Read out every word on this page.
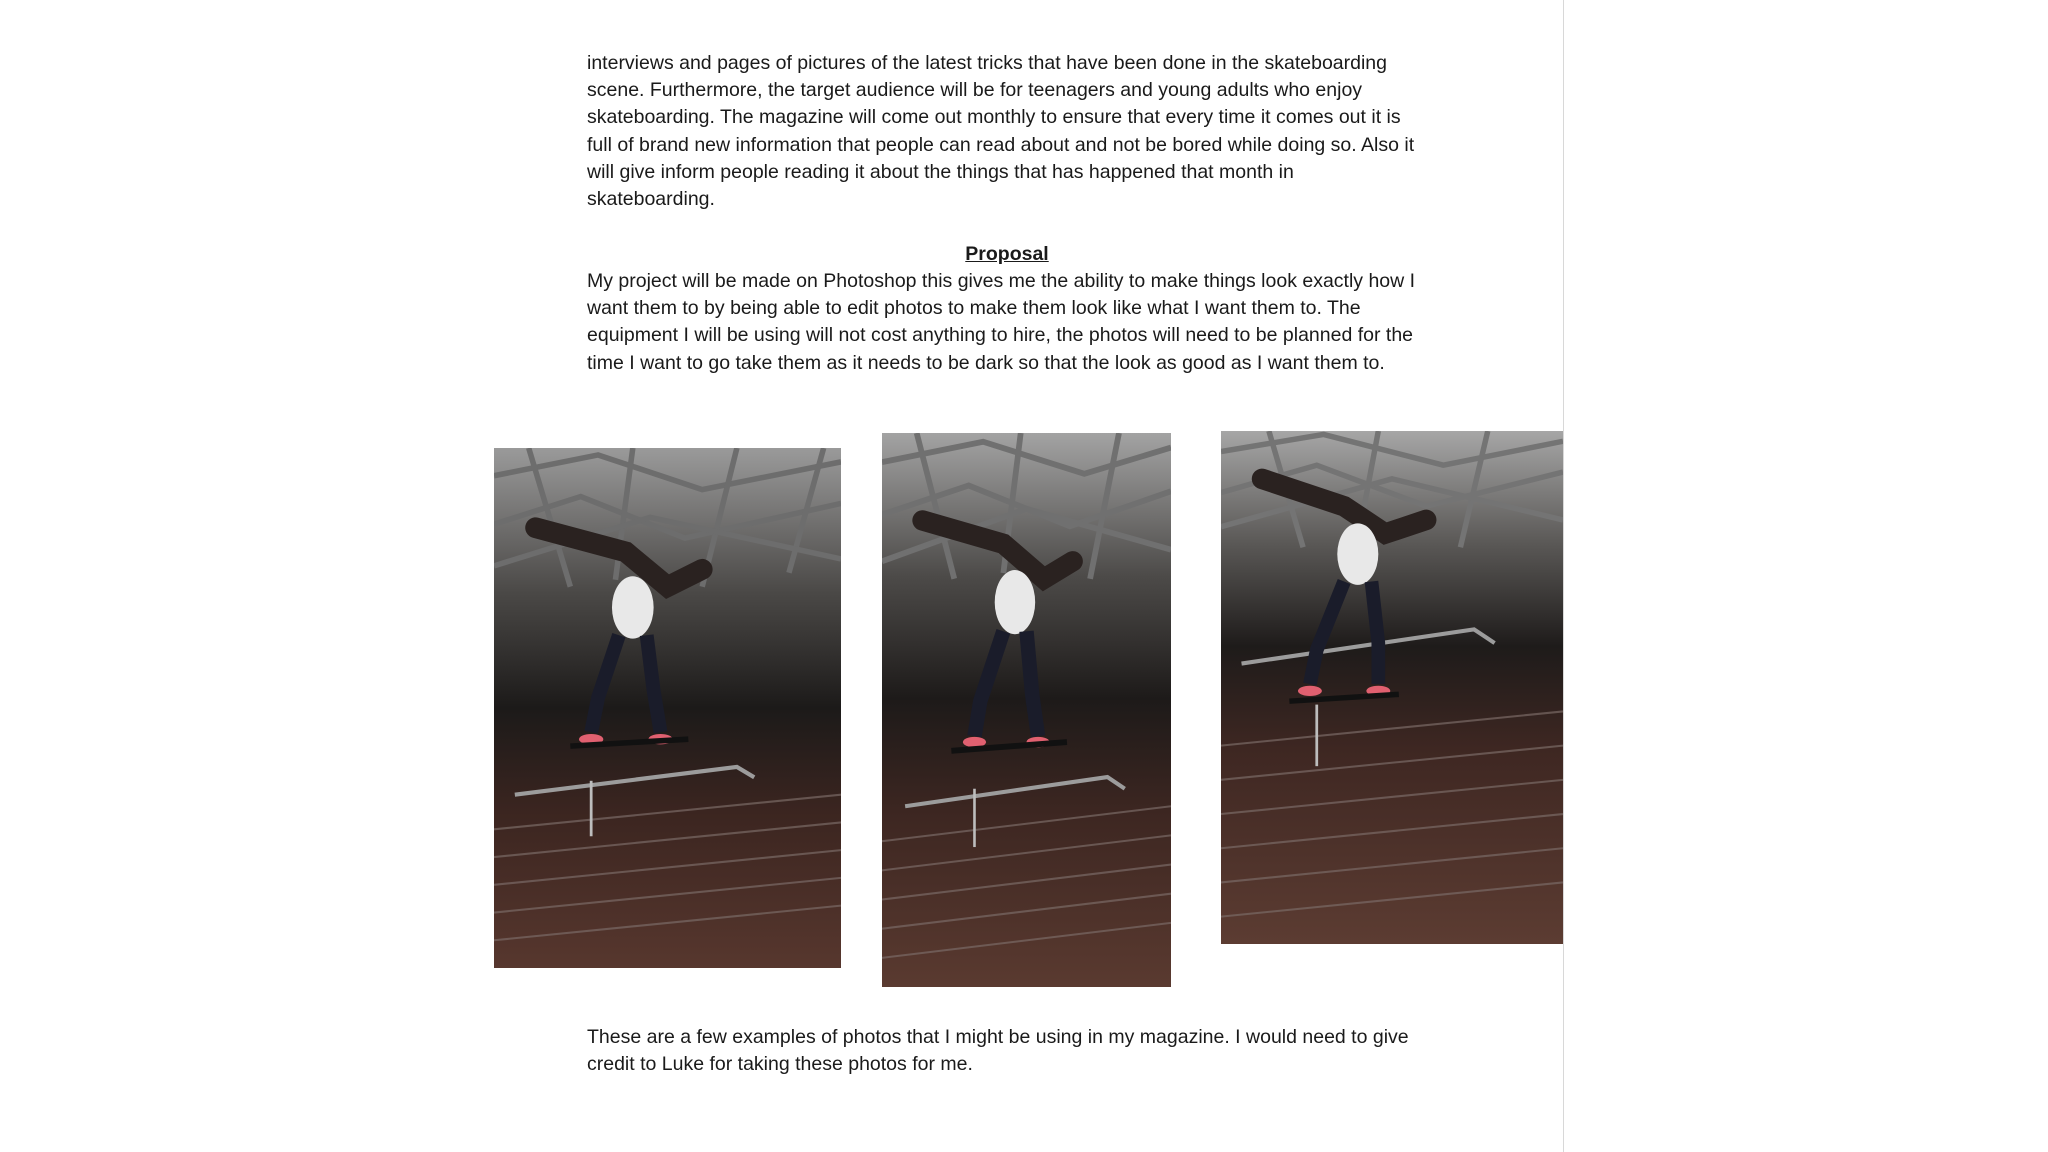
interviews and pages of pictures of the latest tricks that have been done in the skateboarding scene. Furthermore, the target audience will be for teenagers and young adults who enjoy skateboarding. The magazine will come out monthly to ensure that every time it comes out it is full of brand new information that people can read about and not be bored while doing so. Also it will give inform people reading it about the things that has happened that month in skateboarding.

Proposal

My project will be made on Photoshop this gives me the ability to make things look exactly how I want them to by being able to edit photos to make them look like what I want them to. The equipment I will be using will not cost anything to hire, the photos will need to be planned for the time I want to go take them as it needs to be dark so that the look as good as I want them to.

These are a few examples of photos that I might be using in my magazine. I would need to give credit to Luke for taking these photos for me.
